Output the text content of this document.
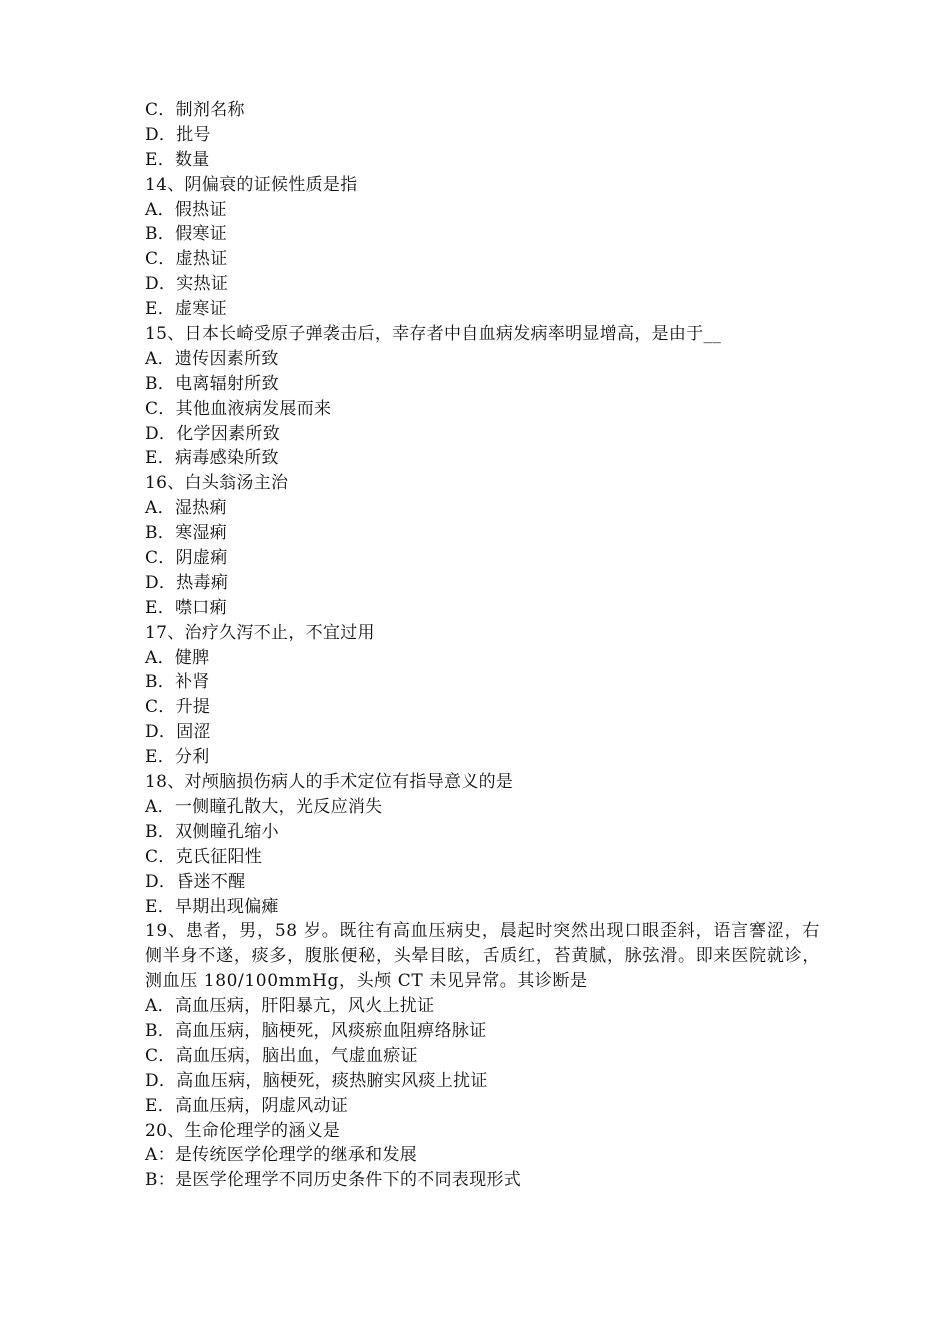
C．制剂名称
D．批号
E．数量
14、阴偏衰的证候性质是指
A．假热证
B．假寒证
C．虚热证
D．实热证
E．虚寒证
15、日本长崎受原子弹袭击后，幸存者中自血病发病率明显增高，是由于__
A．遗传因素所致
B．电离辐射所致
C．其他血液病发展而来
D．化学因素所致
E．病毒感染所致
16、白头翁汤主治
A．湿热痢
B．寒湿痢
C．阴虚痢
D．热毒痢
E．噤口痢
17、治疗久泻不止，不宜过用
A．健脾
B．补肾
C．升提
D．固涩
E．分利
18、对颅脑损伤病人的手术定位有指导意义的是
A．一侧瞳孔散大，光反应消失
B．双侧瞳孔缩小
C．克氏征阳性
D．昏迷不醒
E．早期出现偏瘫
19、患者，男，58 岁。既往有高血压病史，晨起时突然出现口眼歪斜，语言謇涩，右侧半身不遂，痰多，腹胀便秘，头晕目眩，舌质红，苔黄腻，脉弦滑。即来医院就诊，测血压 180/100mmHg，头颅 CT 未见异常。其诊断是
A．高血压病，肝阳暴亢，风火上扰证
B．高血压病，脑梗死，风痰瘀血阻痹络脉证
C．高血压病，脑出血，气虚血瘀证
D．高血压病，脑梗死，痰热腑实风痰上扰证
E．高血压病，阴虚风动证
20、生命伦理学的涵义是
A：是传统医学伦理学的继承和发展
B：是医学伦理学不同历史条件下的不同表现形式
